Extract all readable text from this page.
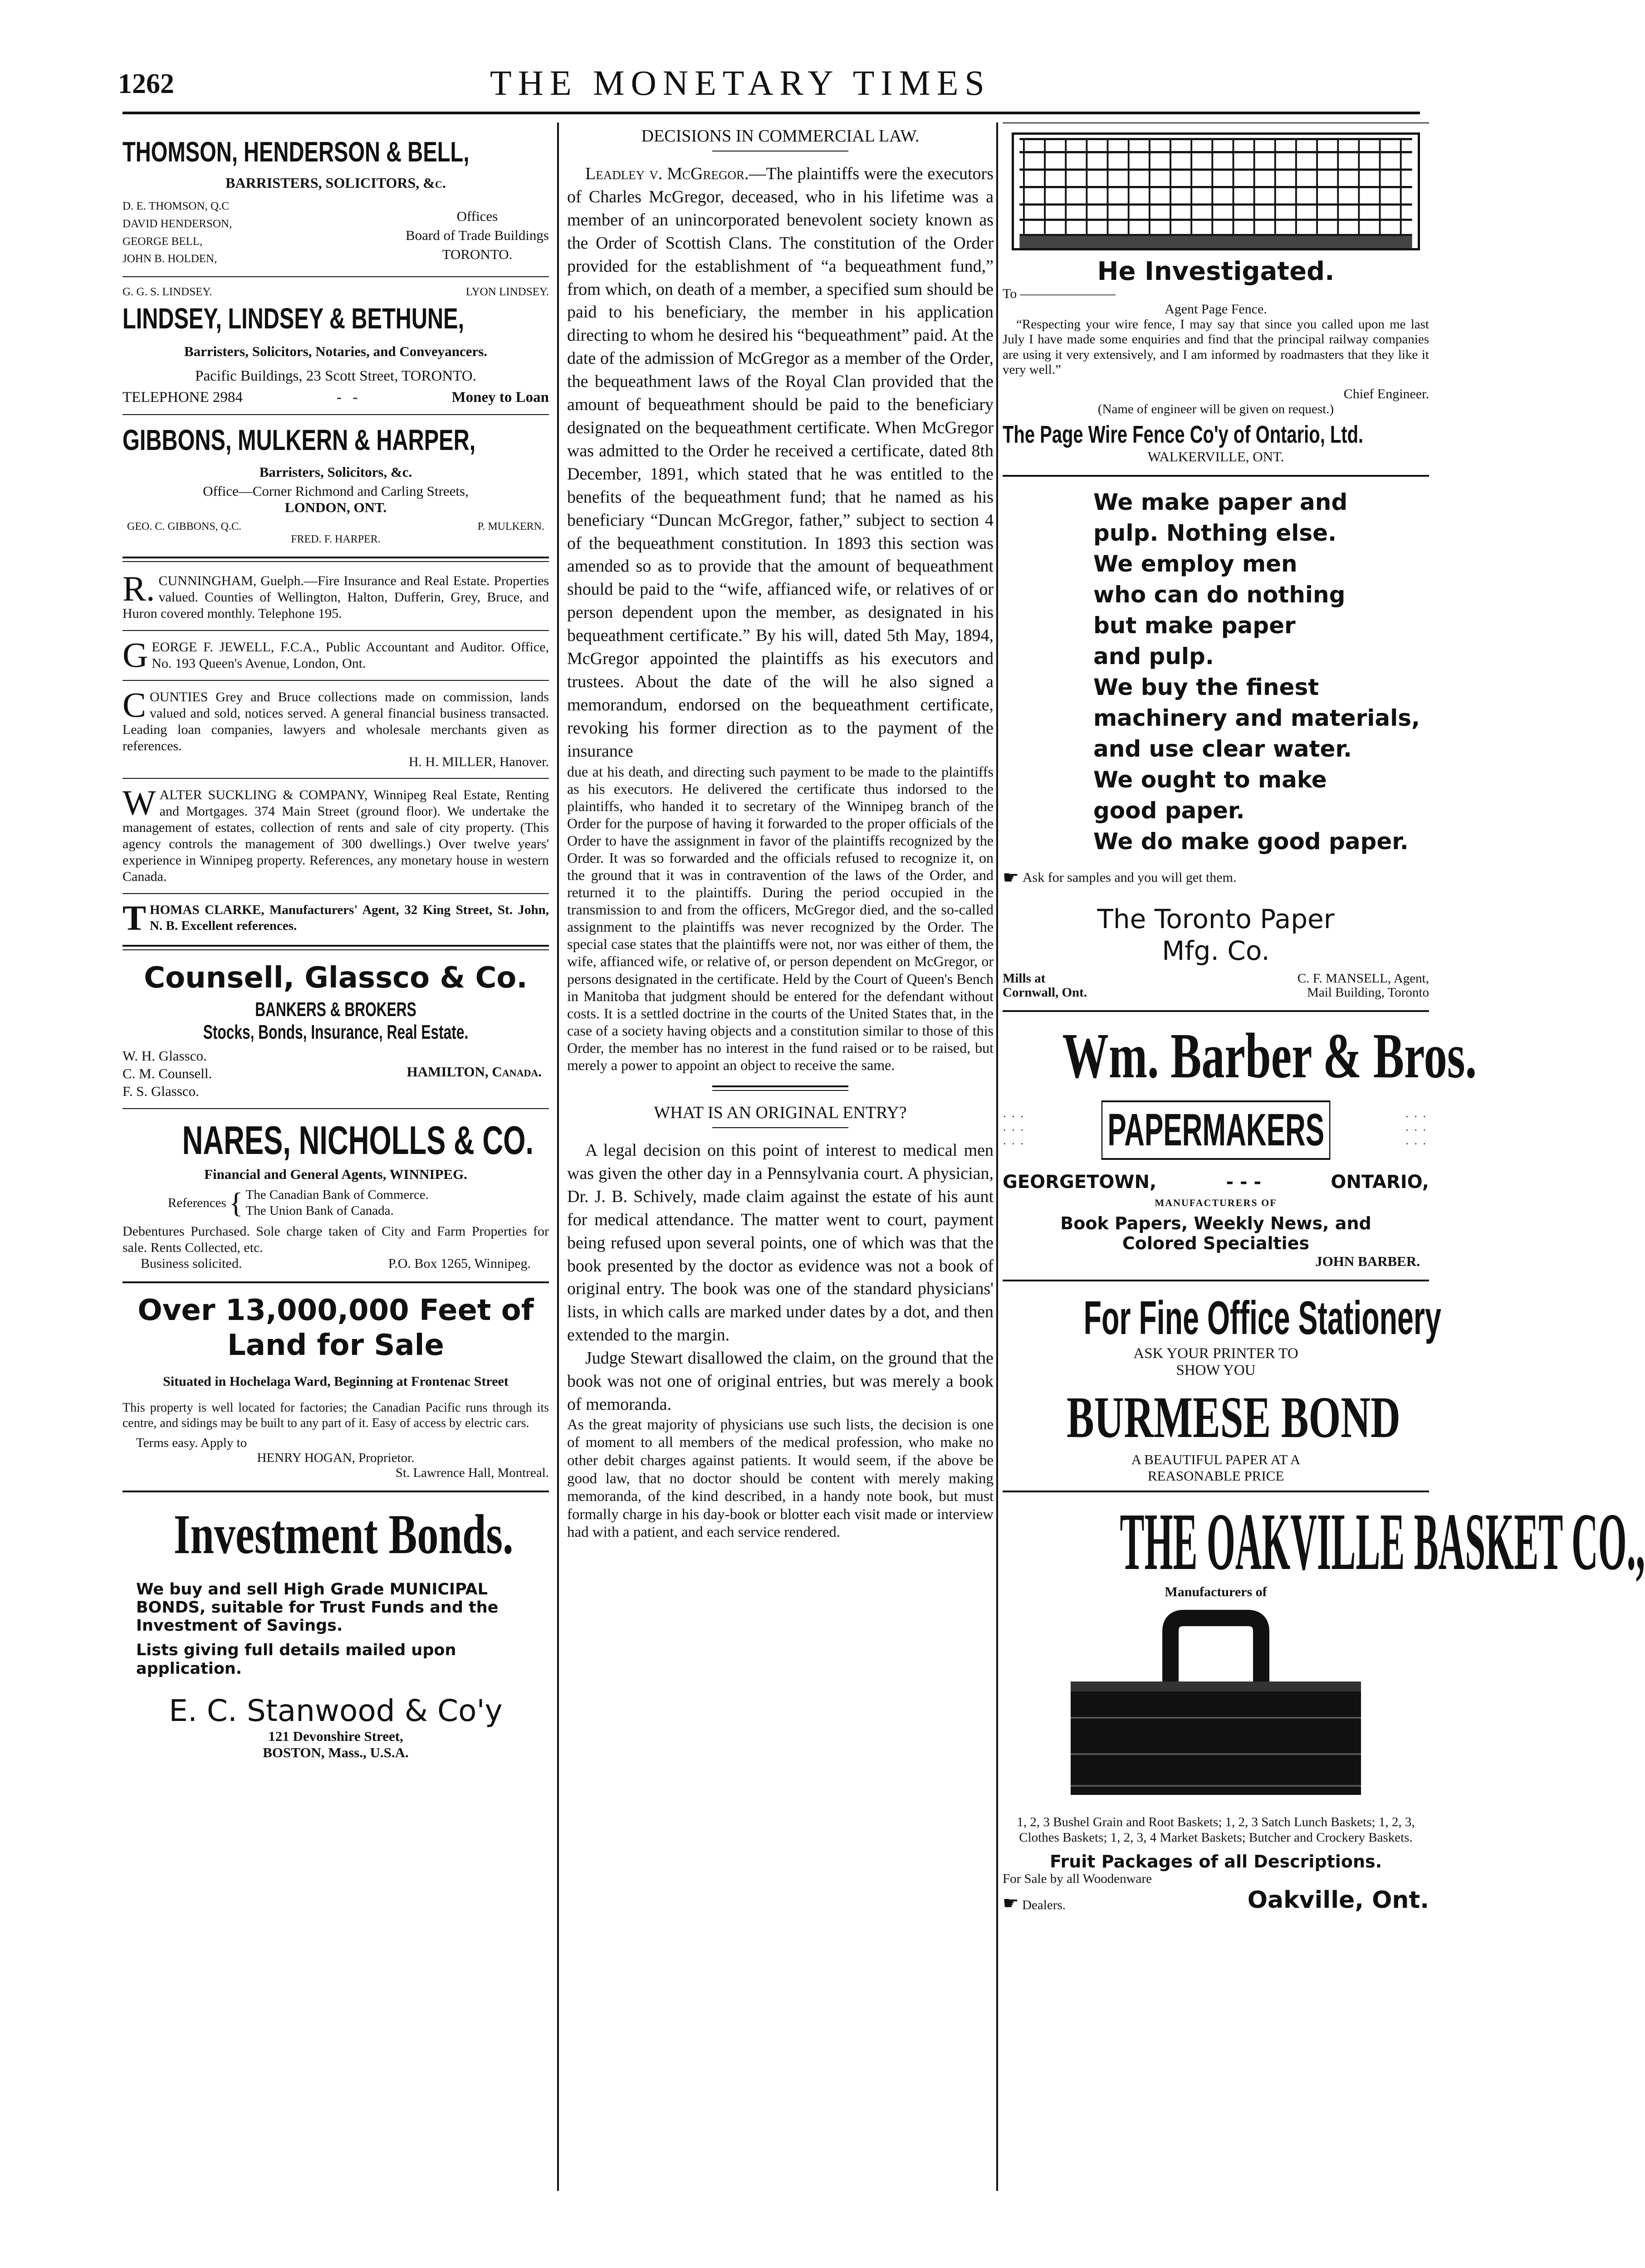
1262	THE MONETARY TIMES
THOMSON, HENDERSON & BELL,
BARRISTERS, SOLICITORS, &c.
D. E. THOMSON, Q.C
DAVID HENDERSON,
GEORGE BELL,
JOHN B. HOLDEN,
Offices
Board of Trade Buildings
TORONTO.
G. G. S. LINDSEY.	LYON LINDSEY.
LINDSEY, LINDSEY & BETHUNE,
Barristers, Solicitors, Notaries, and Conveyancers.
Pacific Buildings, 23 Scott Street, TORONTO.
TELEPHONE 2984	-   -	Money to Loan
GIBBONS, MULKERN & HARPER,
Barristers, Solicitors, &c.
Office—Corner Richmond and Carling Streets,
LONDON, ONT.
GEO. C. GIBBONS, Q.C.	P. MULKERN.
FRED. F. HARPER.
R.CUNNINGHAM, Guelph.—Fire Insurance and Real Estate. Properties valued. Counties of Wellington, Halton, Dufferin, Grey, Bruce, and Huron covered monthly. Telephone 195.
GEORGE F. JEWELL, F.C.A., Public Accountant and Auditor. Office, No. 193 Queen's Avenue, London, Ont.
COUNTIES Grey and Bruce collections made on commission, lands valued and sold, notices served. A general financial business transacted. Leading loan companies, lawyers and wholesale merchants given as references.
H. H. MILLER, Hanover.
WALTER SUCKLING & COMPANY, Winnipeg Real Estate, Renting and Mortgages. 374 Main Street (ground floor). We undertake the management of estates, collection of rents and sale of city property. (This agency controls the management of 300 dwellings.) Over twelve years' experience in Winnipeg property. References, any monetary house in western Canada.
THOMAS CLARKE, Manufacturers' Agent, 32 King Street, St. John, N. B. Excellent references.
Counsell, Glassco & Co.
BANKERS & BROKERS
Stocks, Bonds, Insurance, Real Estate.
W. H. Glassco.
C. M. Counsell.
F. S. Glassco.
HAMILTON, Canada.
NARES, NICHOLLS & CO.
Financial and General Agents, WINNIPEG.
References { The Canadian Bank of Commerce.
The Union Bank of Canada.
Debentures Purchased. Sole charge taken of City and Farm Properties for sale. Rents Collected, etc.
Business solicited.	P.O. Box 1265, Winnipeg.
Over 13,000,000 Feet of
Land for Sale
Situated in Hochelaga Ward, Beginning at Frontenac Street
This property is well located for factories; the Canadian Pacific runs through its centre, and sidings may be built to any part of it. Easy of access by electric cars.
Terms easy. Apply to
HENRY HOGAN, Proprietor.
St. Lawrence Hall, Montreal.
Investment Bonds.
We buy and sell High Grade MUNICIPAL BONDS, suitable for Trust Funds and the Investment of Savings.
Lists giving full details mailed upon application.
E. C. Stanwood & Co'y
121 Devonshire Street,
BOSTON, Mass., U.S.A.
DECISIONS IN COMMERCIAL LAW.
Leadley v. McGregor.—The plaintiffs were the executors of Charles McGregor, deceased, who in his lifetime was a member of an unincorporated benevolent society known as the Order of Scottish Clans. The constitution of the Order provided for the establishment of “a bequeathment fund,” from which, on death of a member, a specified sum should be paid to his beneficiary, the member in his application directing to whom he desired his “bequeathment” paid. At the date of the admission of McGregor as a member of the Order, the bequeathment laws of the Royal Clan provided that the amount of bequeathment should be paid to the beneficiary designated on the bequeathment certificate. When McGregor was admitted to the Order he received a certificate, dated 8th December, 1891, which stated that he was entitled to the benefits of the bequeathment fund; that he named as his beneficiary “Duncan McGregor, father,” subject to section 4 of the bequeathment constitution. In 1893 this section was amended so as to provide that the amount of bequeathment should be paid to the “wife, affianced wife, or relatives of or person dependent upon the member, as designated in his bequeathment certificate.” By his will, dated 5th May, 1894, McGregor appointed the plaintiffs as his executors and trustees. About the date of the will he also signed a memorandum, endorsed on the bequeathment certificate, revoking his former direction as to the payment of the insurance
due at his death, and directing such payment to be made to the plaintiffs as his executors. He delivered the certificate thus indorsed to the plaintiffs, who handed it to secretary of the Winnipeg branch of the Order for the purpose of having it forwarded to the proper officials of the Order to have the assignment in favor of the plaintiffs recognized by the Order. It was so forwarded and the officials refused to recognize it, on the ground that it was in contravention of the laws of the Order, and returned it to the plaintiffs. During the period occupied in the transmission to and from the officers, McGregor died, and the so-called assignment to the plaintiffs was never recognized by the Order. The special case states that the plaintiffs were not, nor was either of them, the wife, affianced wife, or relative of, or person dependent on McGregor, or persons designated in the certificate. Held by the Court of Queen's Bench in Manitoba that judgment should be entered for the defendant without costs. It is a settled doctrine in the courts of the United States that, in the case of a society having objects and a constitution similar to those of this Order, the member has no interest in the fund raised or to be raised, but merely a power to appoint an object to receive the same.
WHAT IS AN ORIGINAL ENTRY?
A legal decision on this point of interest to medical men was given the other day in a Pennsylvania court. A physician, Dr. J. B. Schively, made claim against the estate of his aunt for medical attendance. The matter went to court, payment being refused upon several points, one of which was that the book presented by the doctor as evidence was not a book of original entry. The book was one of the standard physicians' lists, in which calls are marked under dates by a dot, and then extended to the margin.
Judge Stewart disallowed the claim, on the ground that the book was not one of original entries, but was merely a book of memoranda.
As the great majority of physicians use such lists, the decision is one of moment to all members of the medical profession, who make no other debit charges against patients. It would seem, if the above be good law, that no doctor should be content with merely making memoranda, of the kind described, in a handy note book, but must formally charge in his day-book or blotter each visit made or interview had with a patient, and each service rendered.
He Investigated.
To ———————
Agent Page Fence.
“Respecting your wire fence, I may say that since you called upon me last July I have made some enquiries and find that the principal railway companies are using it very extensively, and I am informed by roadmasters that they like it very well.”
Chief Engineer.
(Name of engineer will be given on request.)
The Page Wire Fence Co'y of Ontario, Ltd.
WALKERVILLE, ONT.
We make paper and
pulp. Nothing else.
We employ men
who can do nothing
but make paper
and pulp.
We buy the finest
machinery and materials,
and use clear water.
We ought to make
good paper.
We do make good paper.
☛ Ask for samples and you will get them.
The Toronto Paper
Mfg. Co.
Mills at
Cornwall, Ont.
C. F. MANSELL, Agent,
Mail Building, Toronto
Wm. Barber & Bros.
· · · · · · · · · PAPERMAKERS	· · · · · · · · ·
GEORGETOWN,	- - -	ONTARIO,
MANUFACTURERS OF
Book Papers, Weekly News, and
Colored Specialties
JOHN BARBER.
For Fine Office Stationery
ASK YOUR PRINTER TO
SHOW YOU
BURMESE BOND
A BEAUTIFUL PAPER AT A
REASONABLE PRICE
THE OAKVILLE BASKET CO.,
Manufacturers of
1, 2, 3 Bushel Grain and Root Baskets; 1, 2, 3 Satch Lunch Baskets; 1, 2, 3, Clothes Baskets; 1, 2, 3, 4 Market Baskets; Butcher and Crockery Baskets.
Fruit Packages of all Descriptions.
For Sale by all Woodenware
☛ Dealers.	Oakville, Ont.
